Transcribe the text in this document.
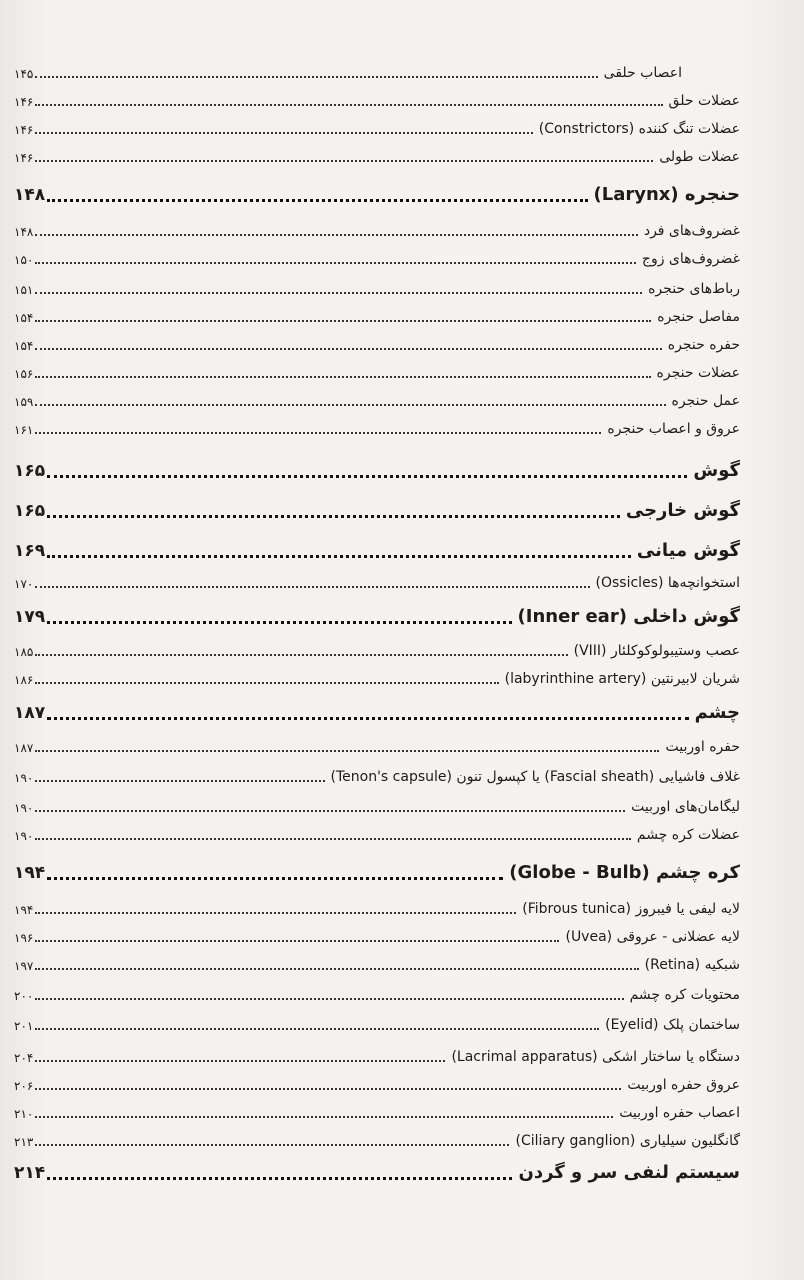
اعصاب حلقی
۱۴۵
عضلات حلق
۱۴۶
عضلات تنگ کننده (Constrictors)
۱۴۶
عضلات طولی
۱۴۶
حنجره (Larynx)
۱۴۸
غضروف‌های فرد
۱۴۸
غضروف‌های زوج
۱۵۰
رباط‌های حنجره
۱۵۱
مفاصل حنجره
۱۵۴
حفره حنجره
۱۵۴
عضلات حنجره
۱۵۶
عمل حنجره
۱۵۹
عروق و اعصاب حنجره
۱۶۱
گوش
۱۶۵
گوش خارجی
۱۶۵
گوش میانی
۱۶۹
استخوانچه‌ها (Ossicles)
۱۷۰
گوش داخلی (Inner ear)
۱۷۹
عصب وستیبولوکوکلئار (VIII)
۱۸۵
شریان لابیرنتین (labyrinthine artery)
۱۸۶
چشم
۱۸۷
حفره اوربیت
۱۸۷
غلاف فاشیایی (Fascial sheath) یا کپسول تنون (Tenon's capsule)
۱۹۰
لیگامان‌های اوربیت
۱۹۰
عضلات کره چشم
۱۹۰
کره چشم (Globe - Bulb)
۱۹۴
لایه لیفی یا فیبروز (Fibrous tunica)
۱۹۴
لایه عضلانی - عروقی (Uvea)
۱۹۶
شبکیه (Retina)
۱۹۷
محتویات کره چشم
۲۰۰
ساختمان پلک (Eyelid)
۲۰۱
دستگاه یا ساختار اشکی (Lacrimal apparatus)
۲۰۴
عروق حفره اوربیت
۲۰۶
اعصاب حفره اوربیت
۲۱۰
گانگلیون سیلیاری (Ciliary ganglion)
۲۱۳
سیستم لنفی سر و گردن
۲۱۴
